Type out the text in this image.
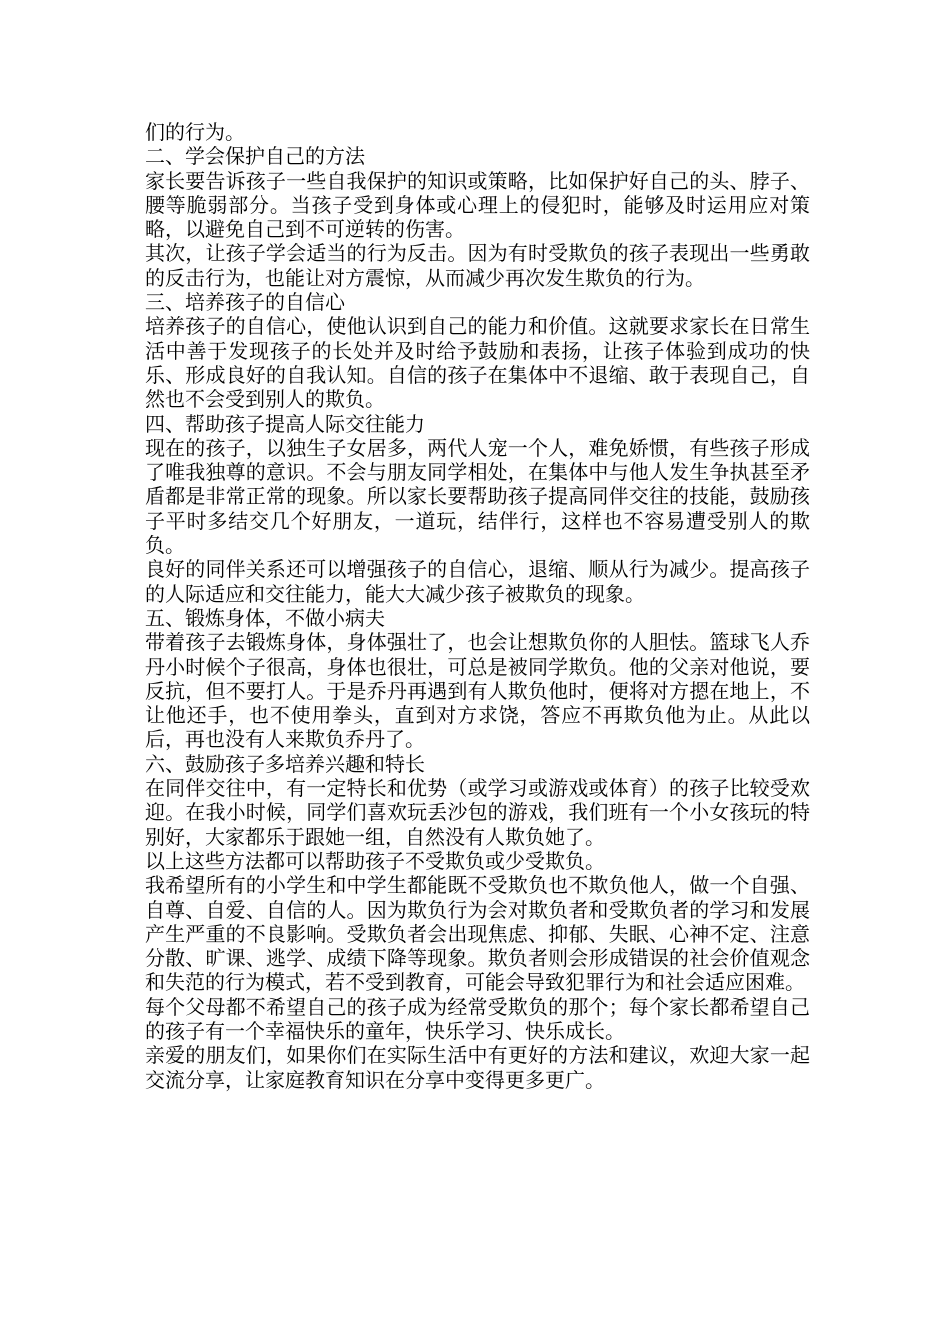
们的行为。

二、学会保护自己的方法

家长要告诉孩子一些自我保护的知识或策略，比如保护好自己的头、脖子、腰等脆弱部分。当孩子受到身体或心理上的侵犯时，能够及时运用应对策略，以避免自己到不可逆转的伤害。

其次，让孩子学会适当的行为反击。因为有时受欺负的孩子表现出一些勇敢的反击行为，也能让对方震惊，从而减少再次发生欺负的行为。

三、培养孩子的自信心

培养孩子的自信心，使他认识到自己的能力和价值。这就要求家长在日常生活中善于发现孩子的长处并及时给予鼓励和表扬，让孩子体验到成功的快乐、形成良好的自我认知。自信的孩子在集体中不退缩、敢于表现自己，自然也不会受到别人的欺负。

四、帮助孩子提高人际交往能力

现在的孩子，以独生子女居多，两代人宠一个人，难免娇惯，有些孩子形成了唯我独尊的意识。不会与朋友同学相处，在集体中与他人发生争执甚至矛盾都是非常正常的现象。所以家长要帮助孩子提高同伴交往的技能，鼓励孩子平时多结交几个好朋友，一道玩，结伴行，这样也不容易遭受别人的欺负。

良好的同伴关系还可以增强孩子的自信心，退缩、顺从行为减少。提高孩子的人际适应和交往能力，能大大减少孩子被欺负的现象。

五、锻炼身体，不做小病夫

带着孩子去锻炼身体，身体强壮了，也会让想欺负你的人胆怯。篮球飞人乔丹小时候个子很高，身体也很壮，可总是被同学欺负。他的父亲对他说，要反抗，但不要打人。于是乔丹再遇到有人欺负他时，便将对方摁在地上，不让他还手，也不使用拳头，直到对方求饶，答应不再欺负他为止。从此以后，再也没有人来欺负乔丹了。

六、鼓励孩子多培养兴趣和特长

在同伴交往中，有一定特长和优势（或学习或游戏或体育）的孩子比较受欢迎。在我小时候，同学们喜欢玩丢沙包的游戏，我们班有一个小女孩玩的特别好，大家都乐于跟她一组，自然没有人欺负她了。

以上这些方法都可以帮助孩子不受欺负或少受欺负。

我希望所有的小学生和中学生都能既不受欺负也不欺负他人，做一个自强、自尊、自爱、自信的人。因为欺负行为会对欺负者和受欺负者的学习和发展产生严重的不良影响。受欺负者会出现焦虑、抑郁、失眠、心神不定、注意分散、旷课、逃学、成绩下降等现象。欺负者则会形成错误的社会价值观念和失范的行为模式，若不受到教育，可能会导致犯罪行为和社会适应困难。

每个父母都不希望自己的孩子成为经常受欺负的那个；每个家长都希望自己的孩子有一个幸福快乐的童年，快乐学习、快乐成长。

亲爱的朋友们，如果你们在实际生活中有更好的方法和建议，欢迎大家一起交流分享，让家庭教育知识在分享中变得更多更广。
